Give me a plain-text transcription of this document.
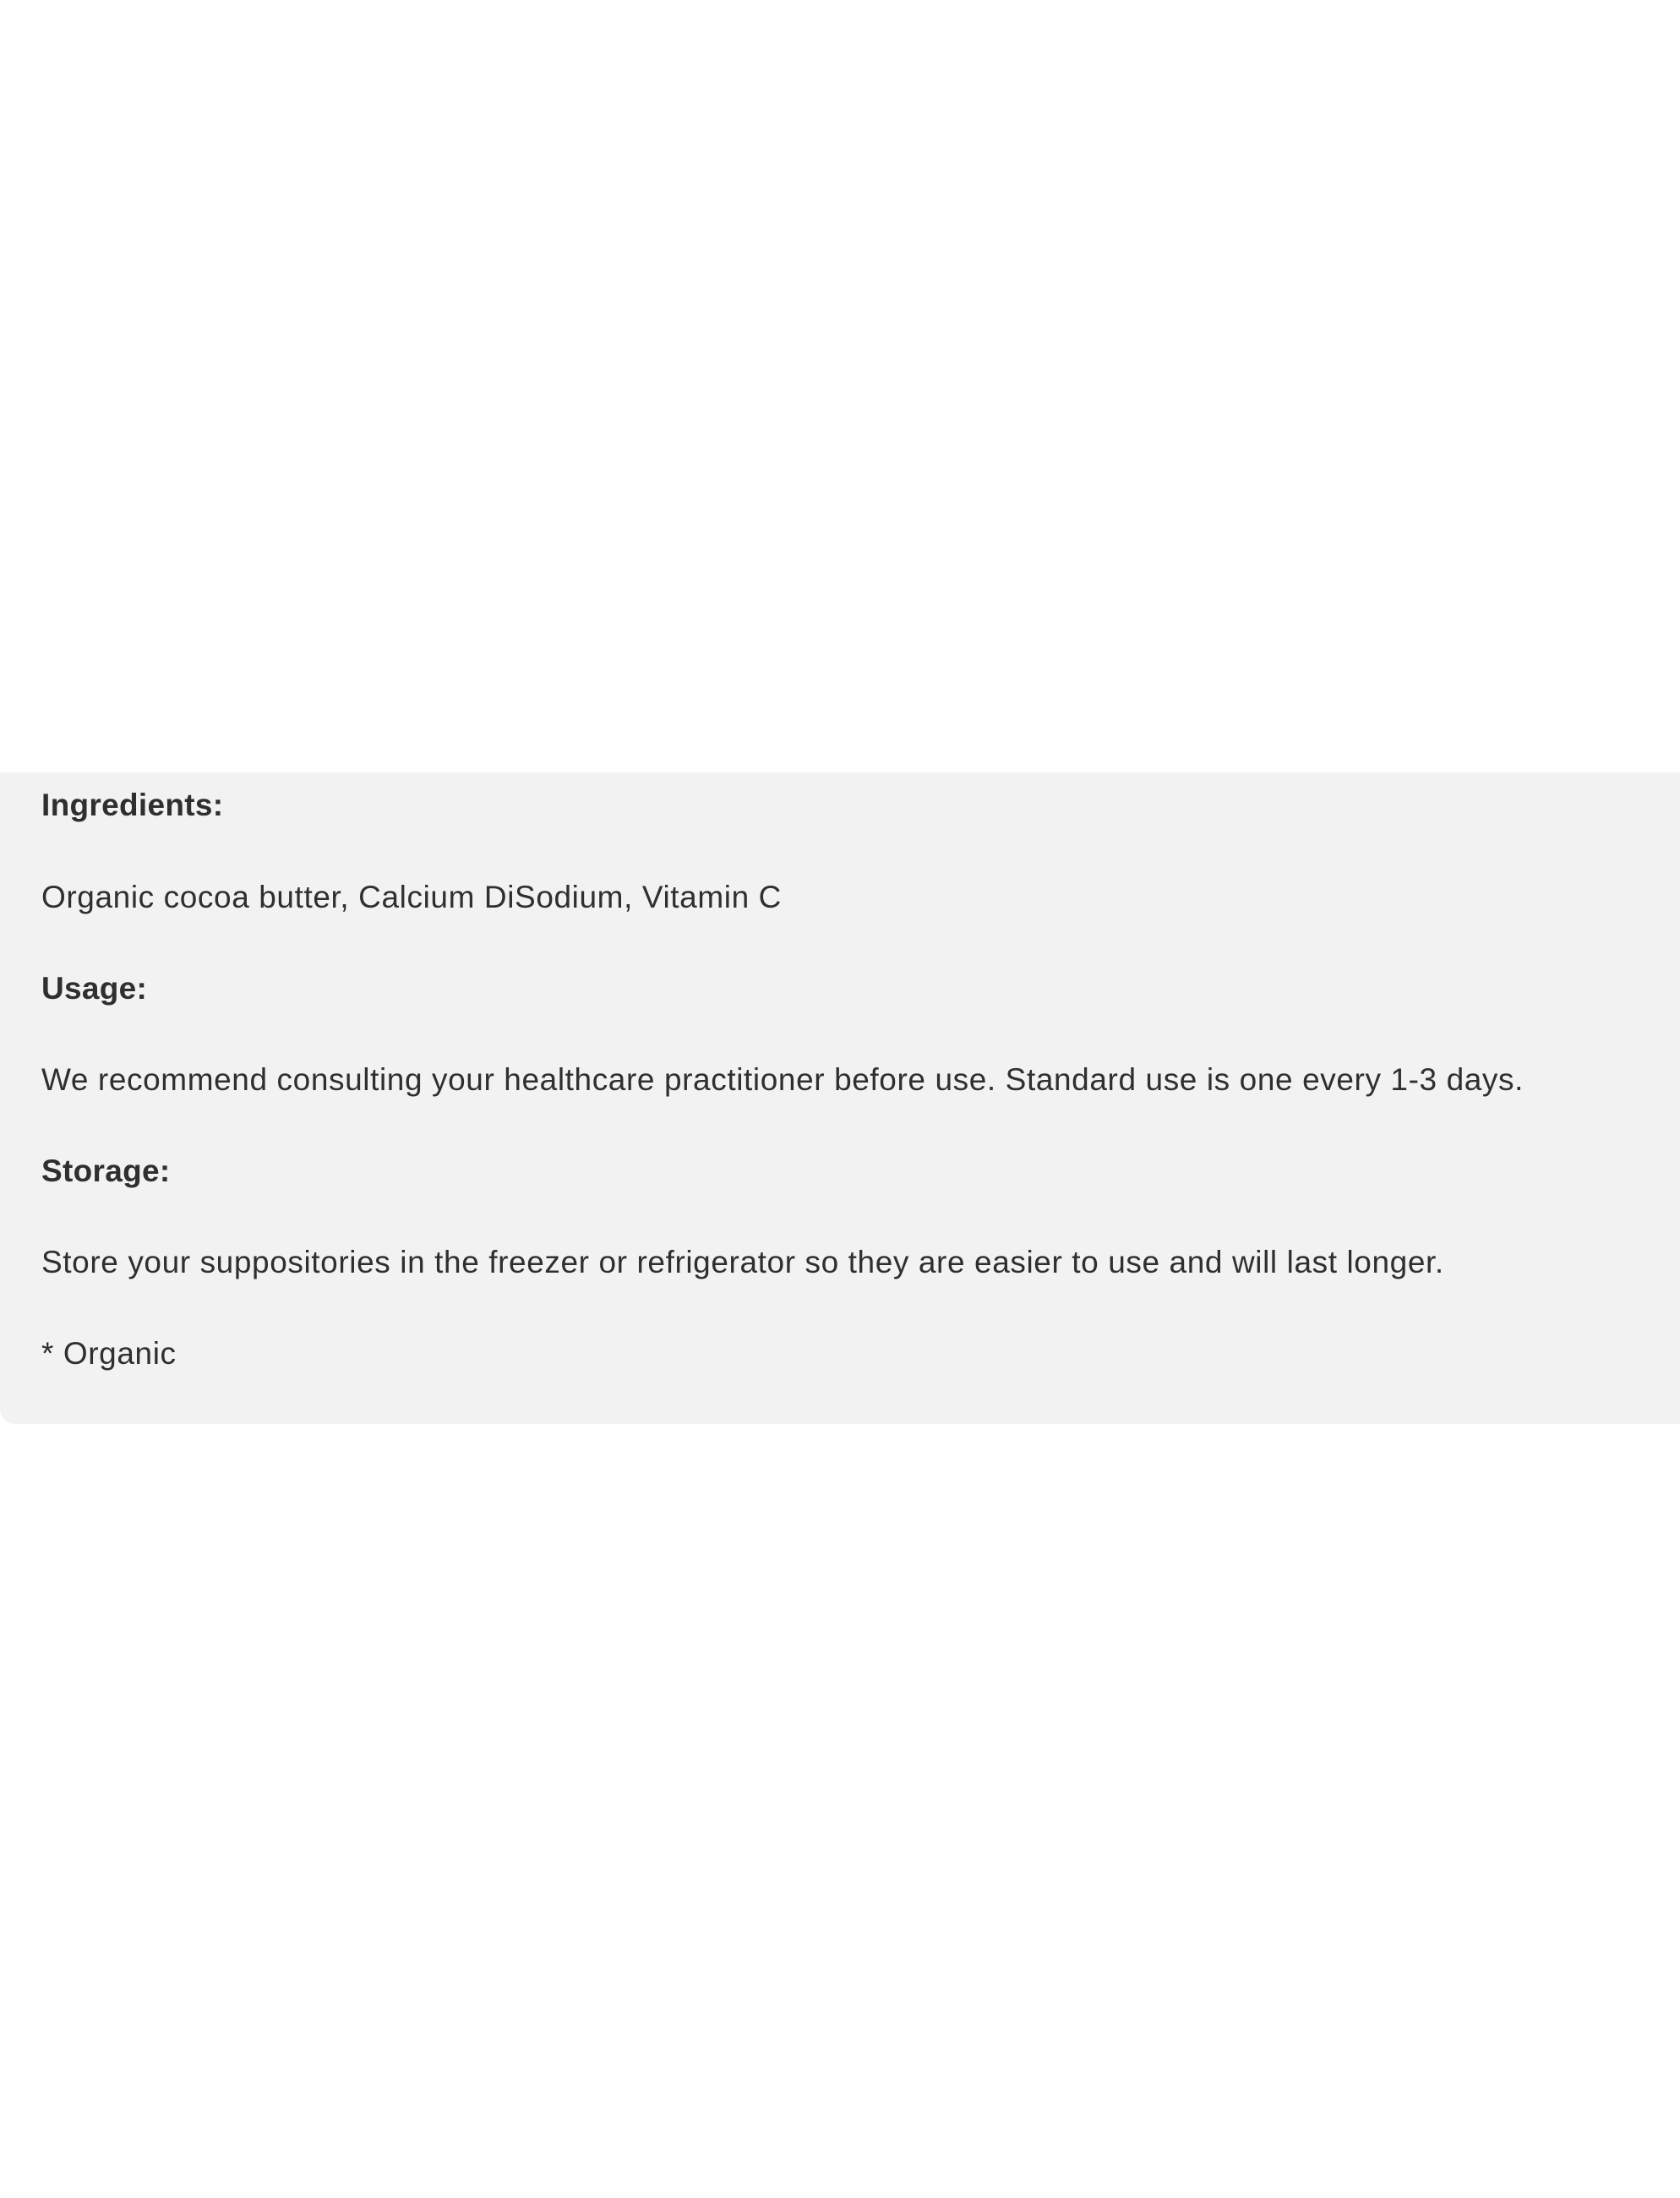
Ingredients:
Organic cocoa butter, Calcium DiSodium, Vitamin C
Usage:
We recommend consulting your healthcare practitioner before use. Standard use is one every 1-3 days.
Storage:
Store your suppositories in the freezer or refrigerator so they are easier to use and will last longer.
* Organic
